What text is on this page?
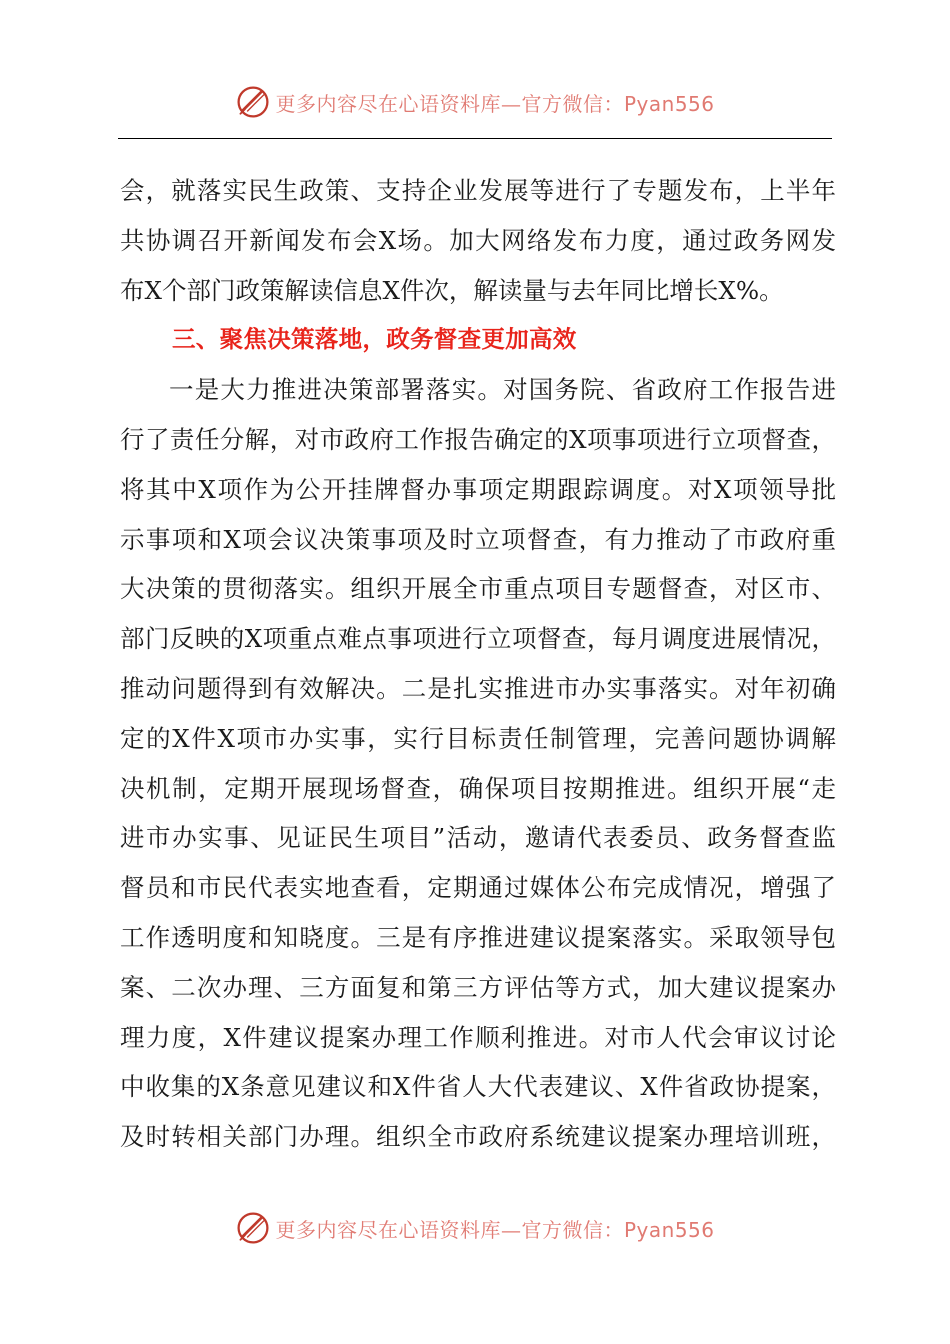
更多内容尽在心语资料库—官方微信：Pyan556
会，就落实民生政策、支持企业发展等进行了专题发布，上半年
共协调召开新闻发布会X场。加大网络发布力度，通过政务网发
布X个部门政策解读信息X件次，解读量与去年同比增长X%。
三、聚焦决策落地，政务督查更加高效
一是大力推进决策部署落实。对国务院、省政府工作报告进
行了责任分解，对市政府工作报告确定的X项事项进行立项督查，
将其中X项作为公开挂牌督办事项定期跟踪调度。对X项领导批
示事项和X项会议决策事项及时立项督查，有力推动了市政府重
大决策的贯彻落实。组织开展全市重点项目专题督查，对区市、
部门反映的X项重点难点事项进行立项督查，每月调度进展情况，
推动问题得到有效解决。二是扎实推进市办实事落实。对年初确
定的X件X项市办实事，实行目标责任制管理，完善问题协调解
决机制，定期开展现场督查，确保项目按期推进。组织开展“走
进市办实事、见证民生项目”活动，邀请代表委员、政务督查监
督员和市民代表实地查看，定期通过媒体公布完成情况，增强了
工作透明度和知晓度。三是有序推进建议提案落实。采取领导包
案、二次办理、三方面复和第三方评估等方式，加大建议提案办
理力度，X件建议提案办理工作顺利推进。对市人代会审议讨论
中收集的X条意见建议和X件省人大代表建议、X件省政协提案，
及时转相关部门办理。组织全市政府系统建议提案办理培训班，
更多内容尽在心语资料库—官方微信：Pyan556
